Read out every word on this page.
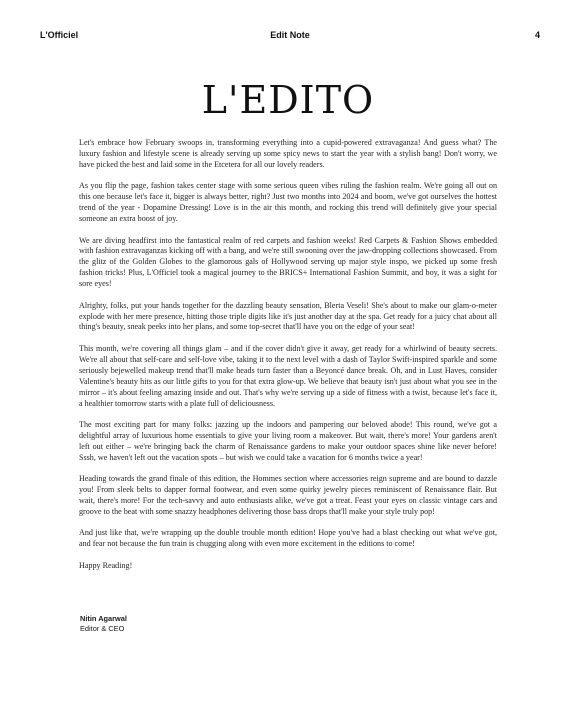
L'Officiel	Edit Note	4
L'EDITO

Let's embrace how February swoops in, transforming everything into a cupid-powered extravaganza! And guess what? The luxury fashion and lifestyle scene is already serving up some spicy news to start the year with a stylish bang! Don't worry, we have picked the best and laid some in the Etcetera for all our lovely readers.

As you flip the page, fashion takes center stage with some serious queen vibes ruling the fashion realm. We're going all out on this one because let's face it, bigger is always better, right? Just two months into 2024 and boom, we've got ourselves the hottest trend of the year - Dopamine Dressing! Love is in the air this month, and rocking this trend will definitely give your special someone an extra boost of joy.

We are diving headfirst into the fantastical realm of red carpets and fashion weeks! Red Carpets & Fashion Shows embedded with fashion extravaganzas kicking off with a bang, and we're still swooning over the jaw-dropping collections showcased. From the glitz of the Golden Globes to the glamorous gals of Hollywood serving up major style inspo, we picked up some fresh fashion tricks! Plus, L'Officiel took a magical journey to the BRICS+ International Fashion Summit, and boy, it was a sight for sore eyes!

Alrighty, folks, put your hands together for the dazzling beauty sensation, Blerta Veseli! She's about to make our glam-o-meter explode with her mere presence, hitting those triple digits like it's just another day at the spa. Get ready for a juicy chat about all thing's beauty, sneak peeks into her plans, and some top-secret that'll have you on the edge of your seat!

This month, we're covering all things glam – and if the cover didn't give it away, get ready for a whirlwind of beauty secrets. We're all about that self-care and self-love vibe, taking it to the next level with a dash of Taylor Swift-inspired sparkle and some seriously bejewelled makeup trend that'll make heads turn faster than a Beyoncé dance break. Oh, and in Lust Haves, consider Valentine's beauty hits as our little gifts to you for that extra glow-up. We believe that beauty isn't just about what you see in the mirror – it's about feeling amazing inside and out. That's why we're serving up a side of fitness with a twist, because let's face it, a healthier tomorrow starts with a plate full of deliciousness.

The most exciting part for many folks: jazzing up the indoors and pampering our beloved abode! This round, we've got a delightful array of luxurious home essentials to give your living room a makeover. But wait, there's more! Your gardens aren't left out either – we're bringing back the charm of Renaissance gardens to make your outdoor spaces shine like never before! Sssh, we haven't left out the vacation spots – but wish we could take a vacation for 6 months twice a year!

Heading towards the grand finale of this edition, the Hommes section where accessories reign supreme and are bound to dazzle you! From sleek belts to dapper formal footwear, and even some quirky jewelry pieces reminiscent of Renaissance flair. But wait, there's more! For the tech-savvy and auto enthusiasts alike, we've got a treat. Feast your eyes on classic vintage cars and groove to the beat with some snazzy headphones delivering those bass drops that'll make your style truly pop!

And just like that, we're wrapping up the double trouble month edition! Hope you've had a blast checking out what we've got, and fear not because the fun train is chugging along with even more excitement in the editions to come!

Happy Reading!

Nitin Agarwal
Editor & CEO
